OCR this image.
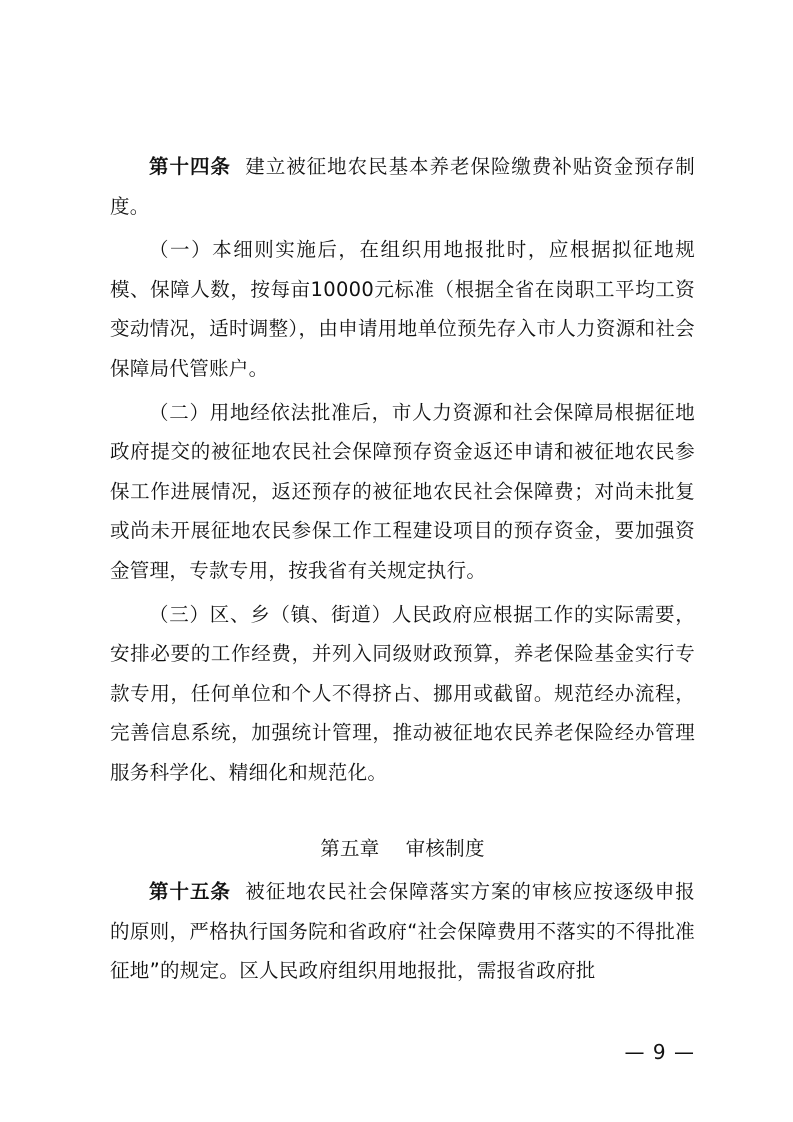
第十四条 建立被征地农民基本养老保险缴费补贴资金预存制度。

（一）本细则实施后，在组织用地报批时，应根据拟征地规模、保障人数，按每亩10000元标准（根据全省在岗职工平均工资变动情况，适时调整），由申请用地单位预先存入市人力资源和社会保障局代管账户。

（二）用地经依法批准后，市人力资源和社会保障局根据征地政府提交的被征地农民社会保障预存资金返还申请和被征地农民参保工作进展情况，返还预存的被征地农民社会保障费；对尚未批复或尚未开展征地农民参保工作工程建设项目的预存资金，要加强资金管理，专款专用，按我省有关规定执行。

（三）区、乡（镇、街道）人民政府应根据工作的实际需要，安排必要的工作经费，并列入同级财政预算，养老保险基金实行专款专用，任何单位和个人不得挤占、挪用或截留。规范经办流程，完善信息系统，加强统计管理，推动被征地农民养老保险经办管理服务科学化、精细化和规范化。

第五章    审核制度

第十五条 被征地农民社会保障落实方案的审核应按逐级申报的原则，严格执行国务院和省政府“社会保障费用不落实的不得批准征地”的规定。区人民政府组织用地报批，需报省政府批

— 9 —
